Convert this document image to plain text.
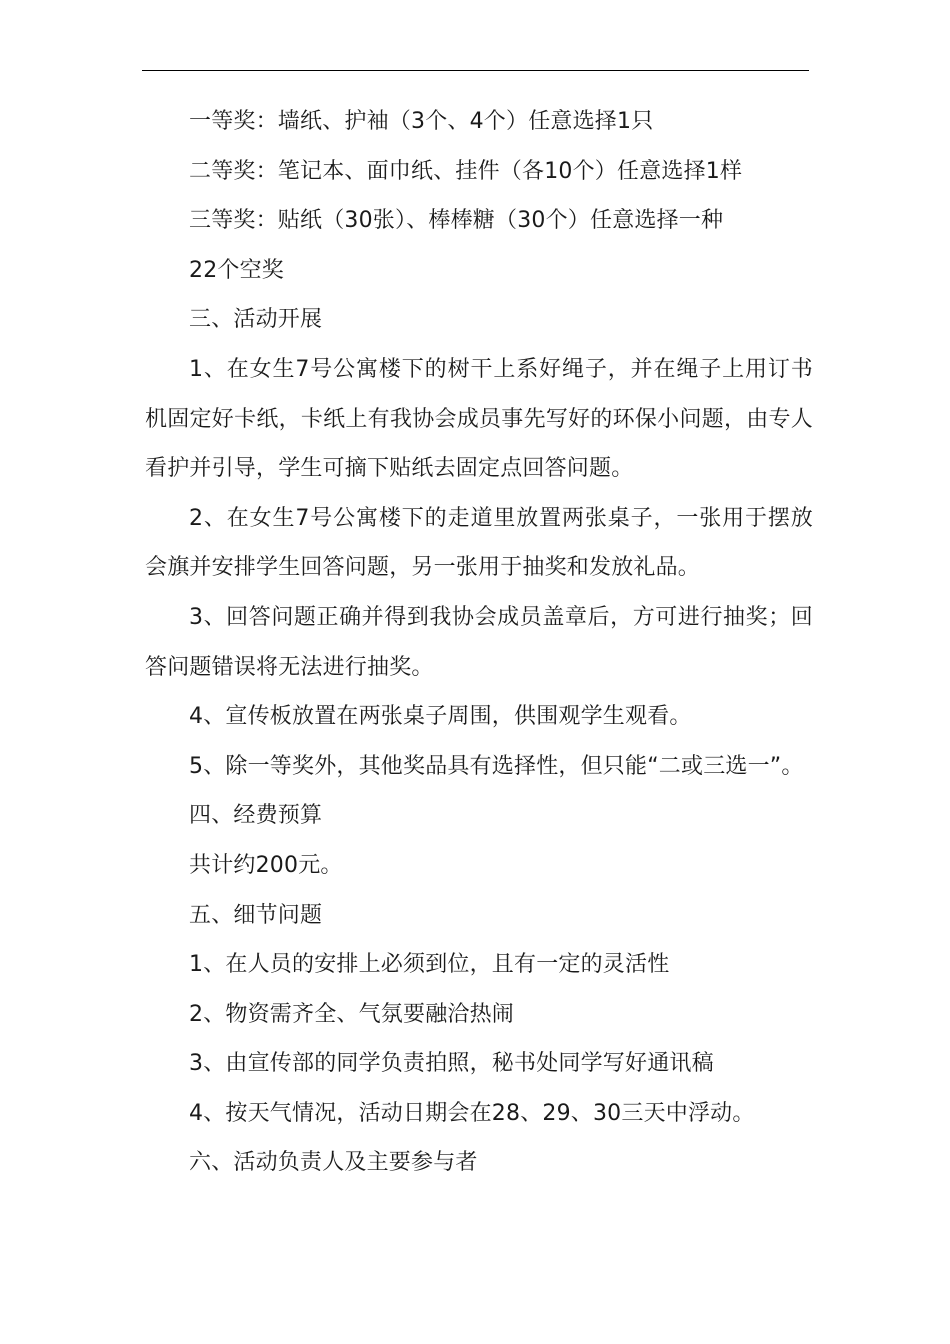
一等奖：墙纸、护袖（3个、4个）任意选择1只
二等奖：笔记本、面巾纸、挂件（各10个）任意选择1样
三等奖：贴纸（30张）、棒棒糖（30个）任意选择一种
22个空奖
三、活动开展
1、在女生7号公寓楼下的树干上系好绳子，并在绳子上用订书机固定好卡纸，卡纸上有我协会成员事先写好的环保小问题，由专人看护并引导，学生可摘下贴纸去固定点回答问题。
2、在女生7号公寓楼下的走道里放置两张桌子，一张用于摆放会旗并安排学生回答问题，另一张用于抽奖和发放礼品。
3、回答问题正确并得到我协会成员盖章后，方可进行抽奖；回答问题错误将无法进行抽奖。
4、宣传板放置在两张桌子周围，供围观学生观看。
5、除一等奖外，其他奖品具有选择性，但只能“二或三选一”。
四、经费预算
共计约200元。
五、细节问题
1、在人员的安排上必须到位，且有一定的灵活性
2、物资需齐全、气氛要融洽热闹
3、由宣传部的同学负责拍照，秘书处同学写好通讯稿
4、按天气情况，活动日期会在28、29、30三天中浮动。
六、活动负责人及主要参与者
